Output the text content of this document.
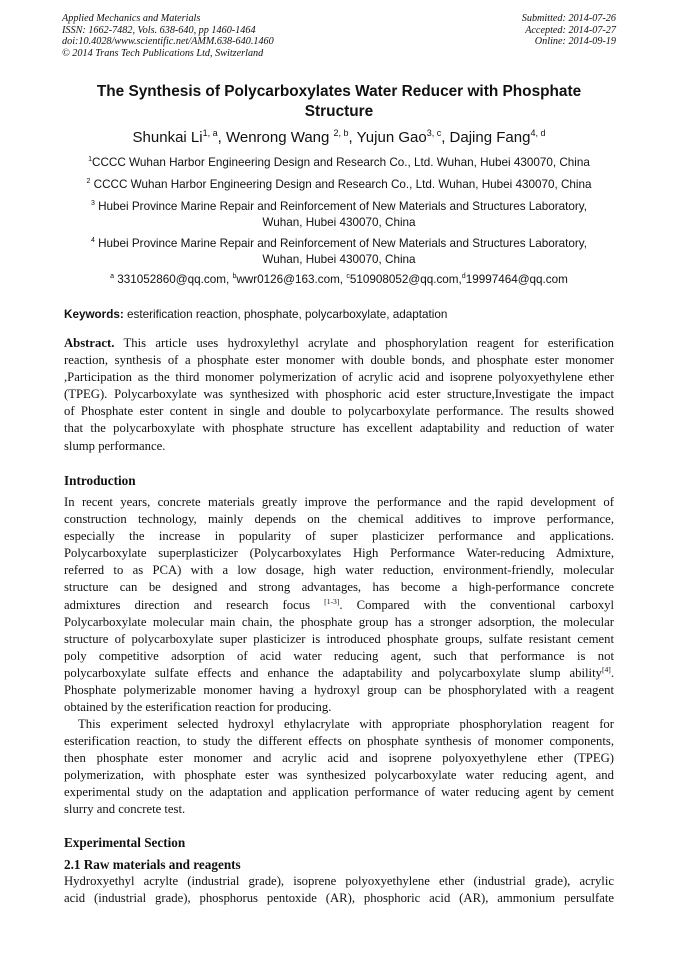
Applied Mechanics and Materials
ISSN: 1662-7482, Vols. 638-640, pp 1460-1464
doi:10.4028/www.scientific.net/AMM.638-640.1460
© 2014 Trans Tech Publications Ltd, Switzerland
Submitted: 2014-07-26
Accepted: 2014-07-27
Online: 2014-09-19
The Synthesis of Polycarboxylates Water Reducer with Phosphate
Structure
Shunkai Li$^{1, a}$, Wenrong Wang $^{2, b}$, Yujun Gao$^{3, c}$, Dajing Fang$^{4, d}$
$^1$CCCC Wuhan Harbor Engineering Design and Research Co., Ltd. Wuhan, Hubei 430070, China
$^2$ CCCC Wuhan Harbor Engineering Design and Research Co., Ltd. Wuhan, Hubei 430070, China
$^3$ Hubei Province Marine Repair and Reinforcement of New Materials and Structures Laboratory,
Wuhan, Hubei 430070, China
$^4$ Hubei Province Marine Repair and Reinforcement of New Materials and Structures Laboratory,
Wuhan, Hubei 430070, China
$^a$ 331052860@qq.com, $^b$wwr0126@163.com, $^c$510908052@qq.com,$^d$19997464@qq.com
Keywords: esterification reaction, phosphate, polycarboxylate, adaptation
Abstract. This article uses hydroxylethyl acrylate and phosphorylation reagent for esterification
reaction, synthesis of a phosphate ester monomer with double bonds, and phosphate ester monomer
,Participation as the third monomer polymerization of acrylic acid and isoprene polyoxyethylene ether
(TPEG). Polycarboxylate was synthesized with phosphoric acid ester structure,Investigate the impact
of Phosphate ester content in single and double to polycarboxylate performance. The results showed
that the polycarboxylate with phosphate structure has excellent adaptability and reduction of water
slump performance.
Introduction
In recent years, concrete materials greatly improve the performance and the rapid development of
construction technology, mainly depends on the chemical additives to improve performance,
especially the increase in popularity of super plasticizer performance and applications.
Polycarboxylate superplasticizer (Polycarboxylates High Performance Water-reducing Admixture,
referred to as PCA) with a low dosage, high water reduction, environment-friendly, molecular
structure can be designed and strong advantages, has become a high-performance concrete
admixtures direction and research focus [1-3]. Compared with the conventional carboxyl
Polycarboxylate molecular main chain, the phosphate group has a stronger adsorption, the molecular
structure of polycarboxylate super plasticizer is introduced phosphate groups, sulfate resistant cement
poly competitive adsorption of acid water reducing agent, such that performance is not
polycarboxylate sulfate effects and enhance the adaptability and polycarboxylate slump ability[4].
Phosphate polymerizable monomer having a hydroxyl group can be phosphorylated with a reagent
obtained by the esterification reaction for producing.
This experiment selected hydroxyl ethylacrylate with appropriate phosphorylation reagent for
esterification reaction, to study the different effects on phosphate synthesis of monomer components,
then phosphate ester monomer and acrylic acid and isoprene polyoxyethylene ether (TPEG)
polymerization, with phosphate ester was synthesized polycarboxylate water reducing agent, and
experimental study on the adaptation and application performance of water reducing agent by cement
slurry and concrete test.
Experimental Section
2.1 Raw materials and reagents
Hydroxyethyl acrylte (industrial grade), isoprene polyoxyethylene ether (industrial grade), acrylic
acid (industrial grade), phosphorus pentoxide (AR), phosphoric acid (AR), ammonium persulfate
